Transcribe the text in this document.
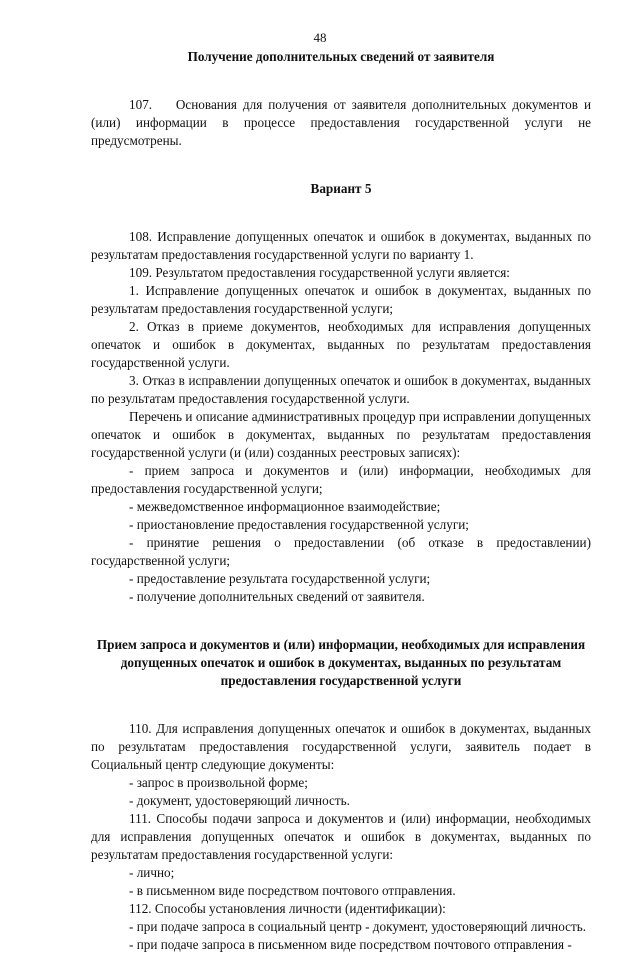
48

Получение дополнительных сведений от заявителя

107.    Основания для получения от заявителя дополнительных документов и (или) информации в процессе предоставления государственной услуги не предусмотрены.

Вариант 5

108. Исправление допущенных опечаток и ошибок в документах, выданных по результатам предоставления государственной услуги по варианту 1.

109. Результатом предоставления государственной услуги является:

1. Исправление допущенных опечаток и ошибок в документах, выданных по результатам предоставления государственной услуги;

2. Отказ в приеме документов, необходимых для исправления допущенных опечаток и ошибок в документах, выданных по результатам предоставления государственной услуги.

3. Отказ в исправлении допущенных опечаток и ошибок в документах, выданных по результатам предоставления государственной услуги.

Перечень и описание административных процедур при исправлении допущенных опечаток и ошибок в документах, выданных по результатам предоставления государственной услуги (и (или) созданных реестровых записях):

- прием запроса и документов и (или) информации, необходимых для предоставления государственной услуги;

- межведомственное информационное взаимодействие;

- приостановление предоставления государственной услуги;

- принятие решения о предоставлении (об отказе в предоставлении) государственной услуги;

- предоставление результата государственной услуги;

- получение дополнительных сведений от заявителя.

Прием запроса и документов и (или) информации, необходимых для исправления допущенных опечаток и ошибок в документах, выданных по результатам предоставления государственной услуги

110. Для исправления допущенных опечаток и ошибок в документах, выданных по результатам предоставления государственной услуги, заявитель подает в Социальный центр следующие документы:

- запрос в произвольной форме;

- документ, удостоверяющий личность.

111. Способы подачи запроса и документов и (или) информации, необходимых для исправления допущенных опечаток и ошибок в документах, выданных по результатам предоставления государственной услуги:

- лично;

- в письменном виде посредством почтового отправления.

112. Способы установления личности (идентификации):

- при подаче запроса в социальный центр - документ, удостоверяющий личность.

- при подаче запроса в письменном виде посредством почтового отправления -
